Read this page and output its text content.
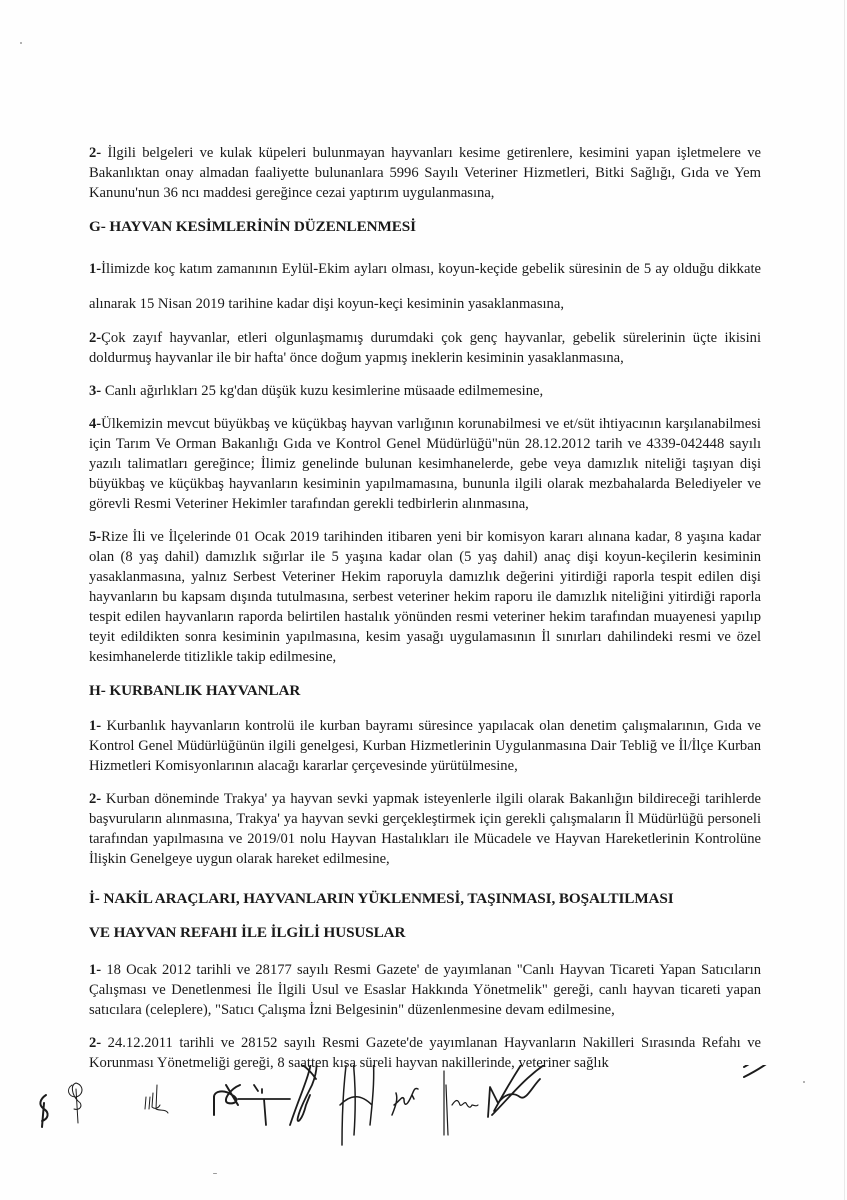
2- İlgili belgeleri ve kulak küpeleri bulunmayan hayvanları kesime getirenlere, kesimini yapan işletmelere ve Bakanlıktan onay almadan faaliyette bulunanlara 5996 Sayılı Veteriner Hizmetleri, Bitki Sağlığı, Gıda ve Yem Kanunu'nun 36 ncı maddesi gereğince cezai yaptırım uygulanmasına,

G- HAYVAN KESİMLERİNİN DÜZENLENMESİ

1-İlimizde koç katım zamanının Eylül-Ekim ayları olması, koyun-keçide gebelik süresinin de 5 ay olduğu dikkate alınarak 15 Nisan 2019 tarihine kadar dişi koyun-keçi kesiminin yasaklanmasına,

2-Çok zayıf hayvanlar, etleri olgunlaşmamış durumdaki çok genç hayvanlar, gebelik sürelerinin üçte ikisini doldurmuş hayvanlar ile bir hafta' önce doğum yapmış ineklerin kesiminin yasaklanmasına,

3- Canlı ağırlıkları 25 kg'dan düşük kuzu kesimlerine müsaade edilmemesine,

4-Ülkemizin mevcut büyükbaş ve küçükbaş hayvan varlığının korunabilmesi ve et/süt ihtiyacının karşılanabilmesi için Tarım Ve Orman Bakanlığı Gıda ve Kontrol Genel Müdürlüğü"nün 28.12.2012 tarih ve 4339-042448 sayılı yazılı talimatları gereğince; İlimiz genelinde bulunan kesimhanelerde, gebe veya damızlık niteliği taşıyan dişi büyükbaş ve küçükbaş hayvanların kesiminin yapılmamasına, bununla ilgili olarak mezbahalarda Belediyeler ve görevli Resmi Veteriner Hekimler tarafından gerekli tedbirlerin alınmasına,

5-Rize İli ve İlçelerinde 01 Ocak 2019 tarihinden itibaren yeni bir komisyon kararı alınana kadar, 8 yaşına kadar olan (8 yaş dahil) damızlık sığırlar ile 5 yaşına kadar olan (5 yaş dahil) anaç dişi koyun-keçilerin kesiminin yasaklanmasına, yalnız Serbest Veteriner Hekim raporuyla damızlık değerini yitirdiği raporla tespit edilen dişi hayvanların bu kapsam dışında tutulmasına, serbest veteriner hekim raporu ile damızlık niteliğini yitirdiği raporla tespit edilen hayvanların raporda belirtilen hastalık yönünden resmi veteriner hekim tarafından muayenesi yapılıp teyit edildikten sonra kesiminin yapılmasına, kesim yasağı uygulamasının İl sınırları dahilindeki resmi ve özel kesimhanelerde titizlikle takip edilmesine,

H- KURBANLIK HAYVANLAR

1- Kurbanlık hayvanların kontrolü ile kurban bayramı süresince yapılacak olan denetim çalışmalarının, Gıda ve Kontrol Genel Müdürlüğünün ilgili genelgesi, Kurban Hizmetlerinin Uygulanmasına Dair Tebliğ ve İl/İlçe Kurban Hizmetleri Komisyonlarının alacağı kararlar çerçevesinde yürütülmesine,

2- Kurban döneminde Trakya' ya hayvan sevki yapmak isteyenlerle ilgili olarak Bakanlığın bildireceği tarihlerde başvuruların alınmasına, Trakya' ya hayvan sevki gerçekleştirmek için gerekli çalışmaların İl Müdürlüğü personeli tarafından yapılmasına ve 2019/01 nolu Hayvan Hastalıkları ile Mücadele ve Hayvan Hareketlerinin Kontrolüne İlişkin Genelgeye uygun olarak hareket edilmesine,

İ- NAKİL ARAÇLARI, HAYVANLARIN YÜKLENMESİ, TAŞINMASI, BOŞALTILMASI
VE HAYVAN REFAHI İLE İLGİLİ HUSUSLAR

1- 18 Ocak 2012 tarihli ve 28177 sayılı Resmi Gazete' de yayımlanan "Canlı Hayvan Ticareti Yapan Satıcıların Çalışması ve Denetlenmesi İle İlgili Usul ve Esaslar Hakkında Yönetmelik" gereği, canlı hayvan ticareti yapan satıcılara (celeplere), "Satıcı Çalışma İzni Belgesinin" düzenlenmesine devam edilmesine,

2- 24.12.2011 tarihli ve 28152 sayılı Resmi Gazete'de yayımlanan Hayvanların Nakilleri Sırasında Refahı ve Korunması Yönetmeliği gereği, 8 saatten kısa süreli hayvan nakillerinde, veteriner sağlık
